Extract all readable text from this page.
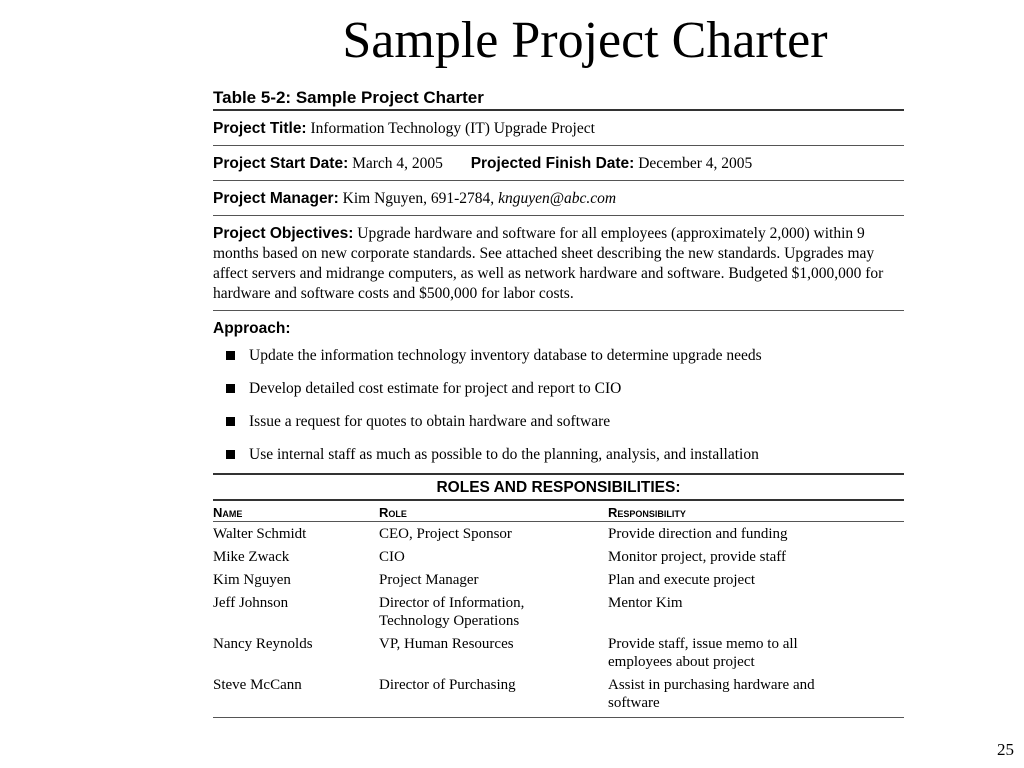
Sample Project Charter
Table 5-2: Sample Project Charter
Project Title: Information Technology (IT) Upgrade Project
Project Start Date: March 4, 2005 Projected Finish Date: December 4, 2005
Project Manager: Kim Nguyen, 691-2784, knguyen@abc.com
Project Objectives: Upgrade hardware and software for all employees (approximately 2,000) within 9 months based on new corporate standards. See attached sheet describing the new standards. Upgrades may affect servers and midrange computers, as well as network hardware and software. Budgeted $1,000,000 for hardware and software costs and $500,000 for labor costs.
Approach:
Update the information technology inventory database to determine upgrade needs
Develop detailed cost estimate for project and report to CIO
Issue a request for quotes to obtain hardware and software
Use internal staff as much as possible to do the planning, analysis, and installation
ROLES AND RESPONSIBILITIES:
Name	Role	Responsibility
Walter Schmidt	CEO, Project Sponsor	Provide direction and funding
Mike Zwack	CIO	Monitor project, provide staff
Kim Nguyen	Project Manager	Plan and execute project
Jeff Johnson	Director of Information, Technology Operations	Mentor Kim
Nancy Reynolds	VP, Human Resources	Provide staff, issue memo to all employees about project
Steve McCann	Director of Purchasing	Assist in purchasing hardware and software
25
